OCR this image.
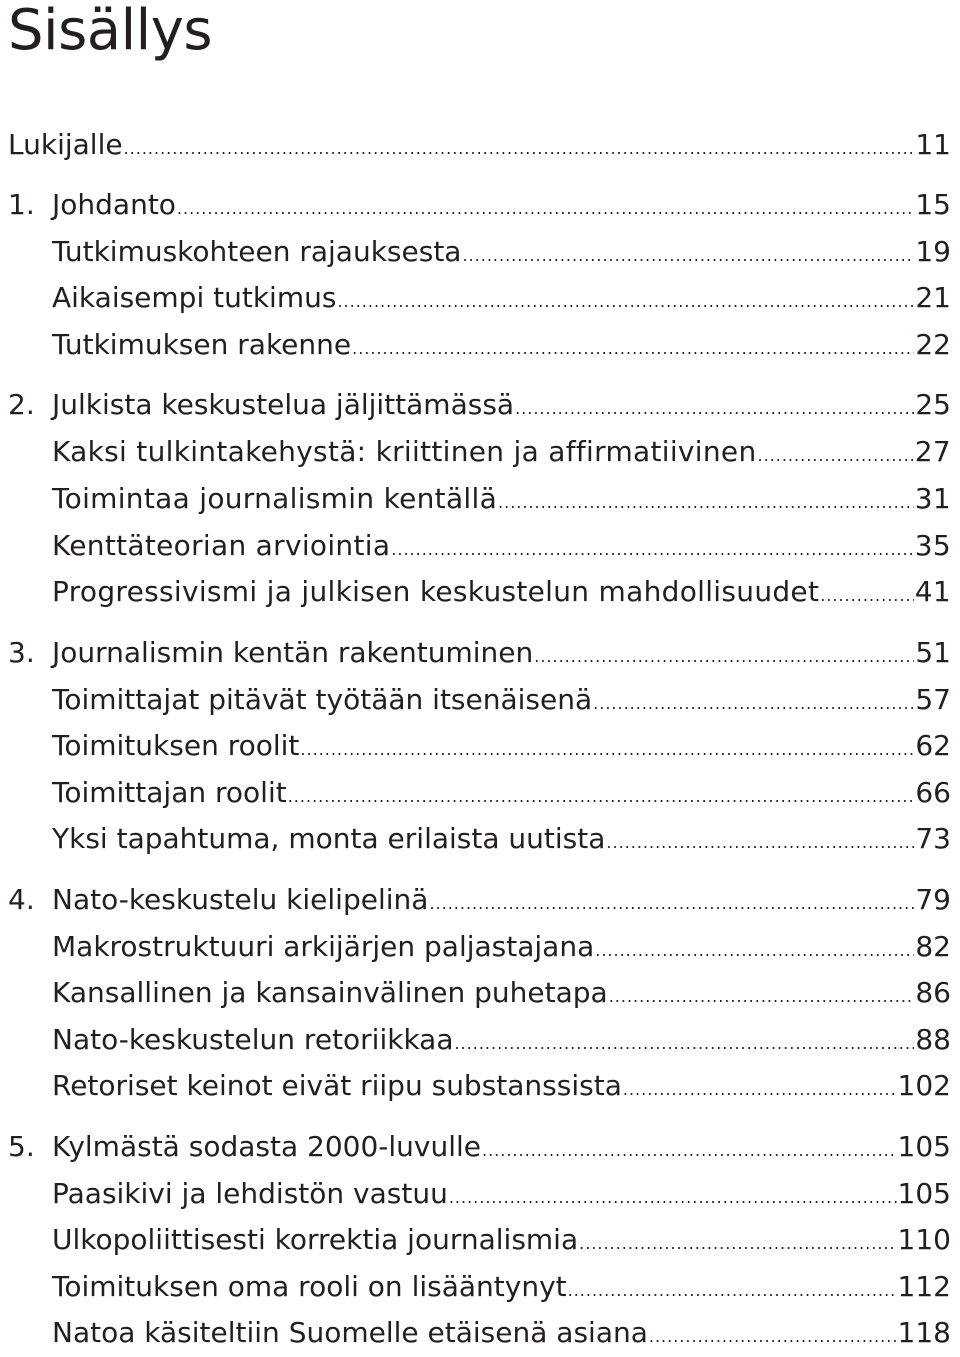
Sisällys
Lukijalle .....	11
1. Johdanto .....	15
Tutkimuskohteen rajauksesta .....	19
Aikaisempi tutkimus .....	21
Tutkimuksen rakenne .....	22
2. Julkista keskustelua jäljittämässä .....	25
Kaksi tulkintakehystä: kriittinen ja affirmatiivinen .....	27
Toimintaa journalismin kentällä .....	31
Kenttäteorian arviointia .....	35
Progressivismi ja julkisen keskustelun mahdollisuudet .....	41
3. Journalismin kentän rakentuminen .....	51
Toimittajat pitävät työtään itsenäisenä .....	57
Toimituksen roolit .....	62
Toimittajan roolit .....	66
Yksi tapahtuma, monta erilaista uutista .....	73
4. Nato-keskustelu kielipelinä .....	79
Makrostruktuuri arkijärjen paljastajana .....	82
Kansallinen ja kansainvälinen puhetapa .....	86
Nato-keskustelun retoriikkaa .....	88
Retoriset keinot eivät riipu substanssista .....	102
5. Kylmästä sodasta 2000-luvulle .....	105
Paasikivi ja lehdistön vastuu .....	105
Ulkopoliittisesti korrektia journalismia .....	110
Toimituksen oma rooli on lisääntynyt .....	112
Natoa käsiteltiin Suomelle etäisenä asiana .....	118
